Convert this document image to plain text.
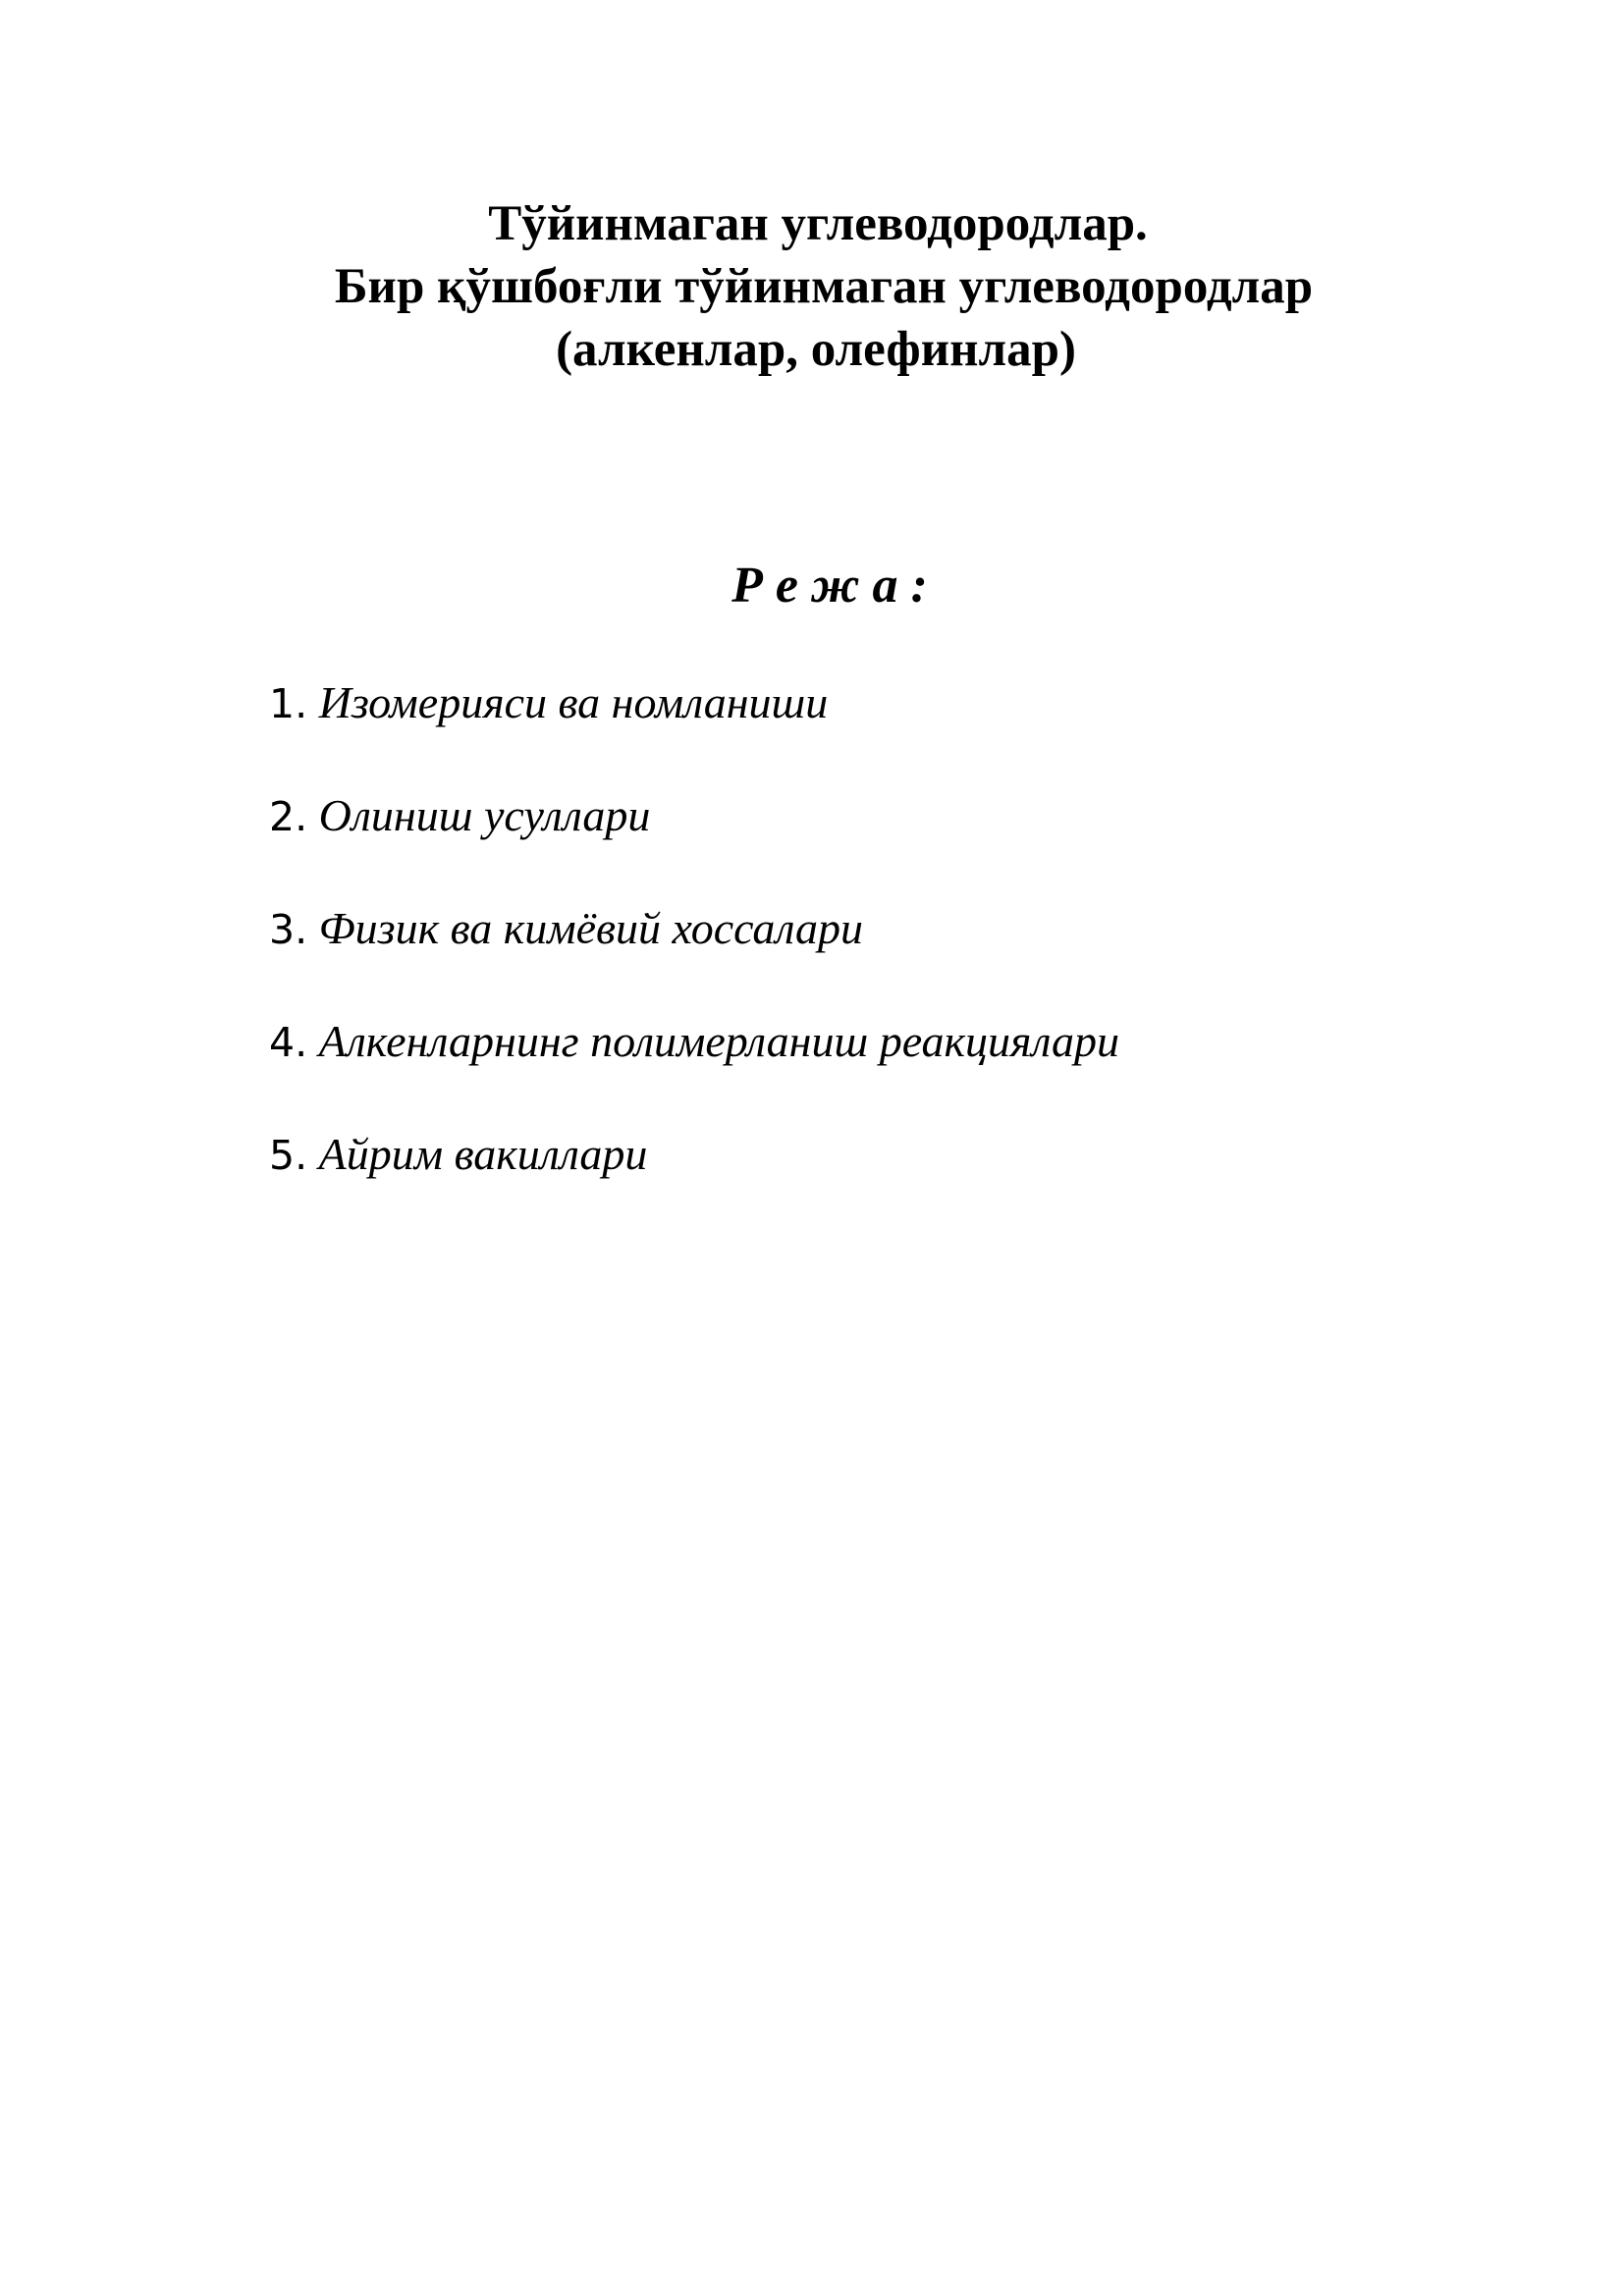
Тўйинмаган углеводородлар.
Бир қўшбоғли тўйинмаган углеводородлар
(алкенлар, олефинлар)
Р е ж а :
1. Изомерияси ва номланиши
2. Олиниш усуллари
3. Физик ва кимёвий хоссалари
4. Алкенларнинг полимерланиш реакциялари
5. Айрим вакиллари
